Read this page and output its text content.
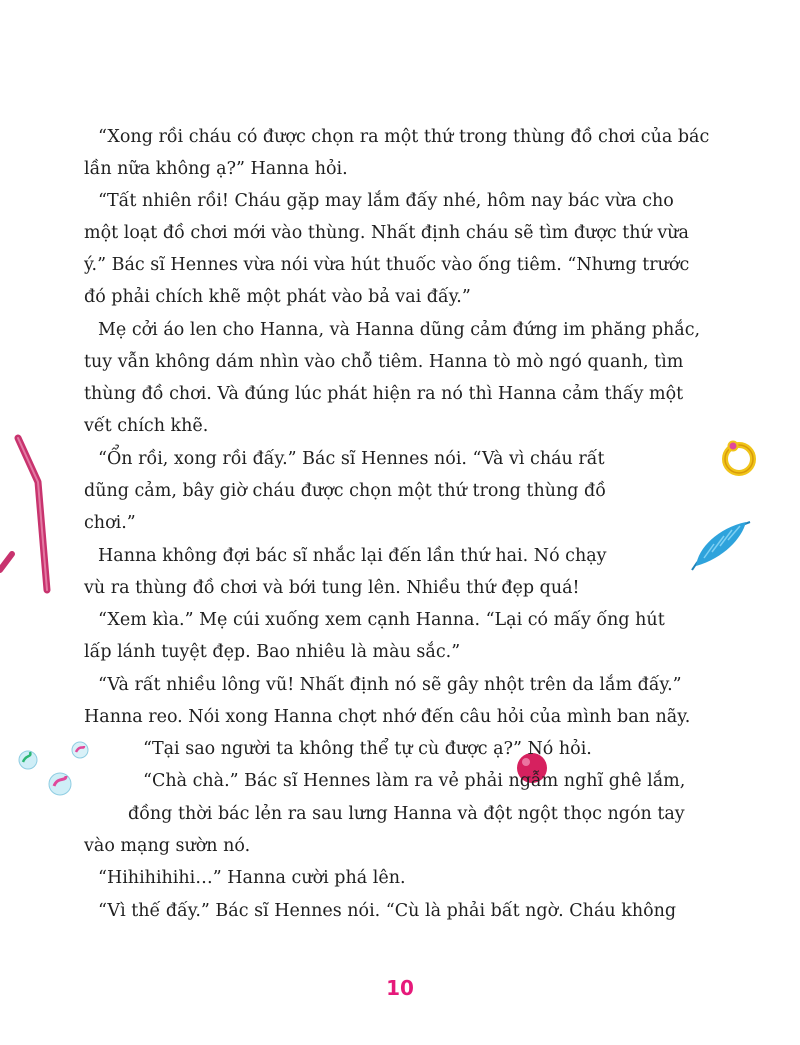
“Xong rồi cháu có được chọn ra một thứ trong thùng đồ chơi của bác
lần nữa không ạ?” Hanna hỏi.
“Tất nhiên rồi! Cháu gặp may lắm đấy nhé, hôm nay bác vừa cho
một loạt đồ chơi mới vào thùng. Nhất định cháu sẽ tìm được thứ vừa
ý.” Bác sĩ Hennes vừa nói vừa hút thuốc vào ống tiêm. “Nhưng trước
đó phải chích khẽ một phát vào bả vai đấy.”
Mẹ cởi áo len cho Hanna, và Hanna dũng cảm đứng im phăng phắc,
tuy vẫn không dám nhìn vào chỗ tiêm. Hanna tò mò ngó quanh, tìm
thùng đồ chơi. Và đúng lúc phát hiện ra nó thì Hanna cảm thấy một
vết chích khẽ.
“Ổn rồi, xong rồi đấy.” Bác sĩ Hennes nói. “Và vì cháu rất
dũng cảm, bây giờ cháu được chọn một thứ trong thùng đồ
chơi.”
Hanna không đợi bác sĩ nhắc lại đến lần thứ hai. Nó chạy
vù ra thùng đồ chơi và bới tung lên. Nhiều thứ đẹp quá!
“Xem kìa.” Mẹ cúi xuống xem cạnh Hanna. “Lại có mấy ống hút
lấp lánh tuyệt đẹp. Bao nhiêu là màu sắc.”
“Và rất nhiều lông vũ! Nhất định nó sẽ gây nhột trên da lắm đấy.”
Hanna reo. Nói xong Hanna chợt nhớ đến câu hỏi của mình ban nãy.
“Tại sao người ta không thể tự cù được ạ?” Nó hỏi.
“Chà chà.” Bác sĩ Hennes làm ra vẻ phải ngẫm nghĩ ghê lắm,
đồng thời bác lẻn ra sau lưng Hanna và đột ngột thọc ngón tay
vào mạng sườn nó.
“Hihihihihi…” Hanna cười phá lên.
“Vì thế đấy.” Bác sĩ Hennes nói. “Cù là phải bất ngờ. Cháu không
10
